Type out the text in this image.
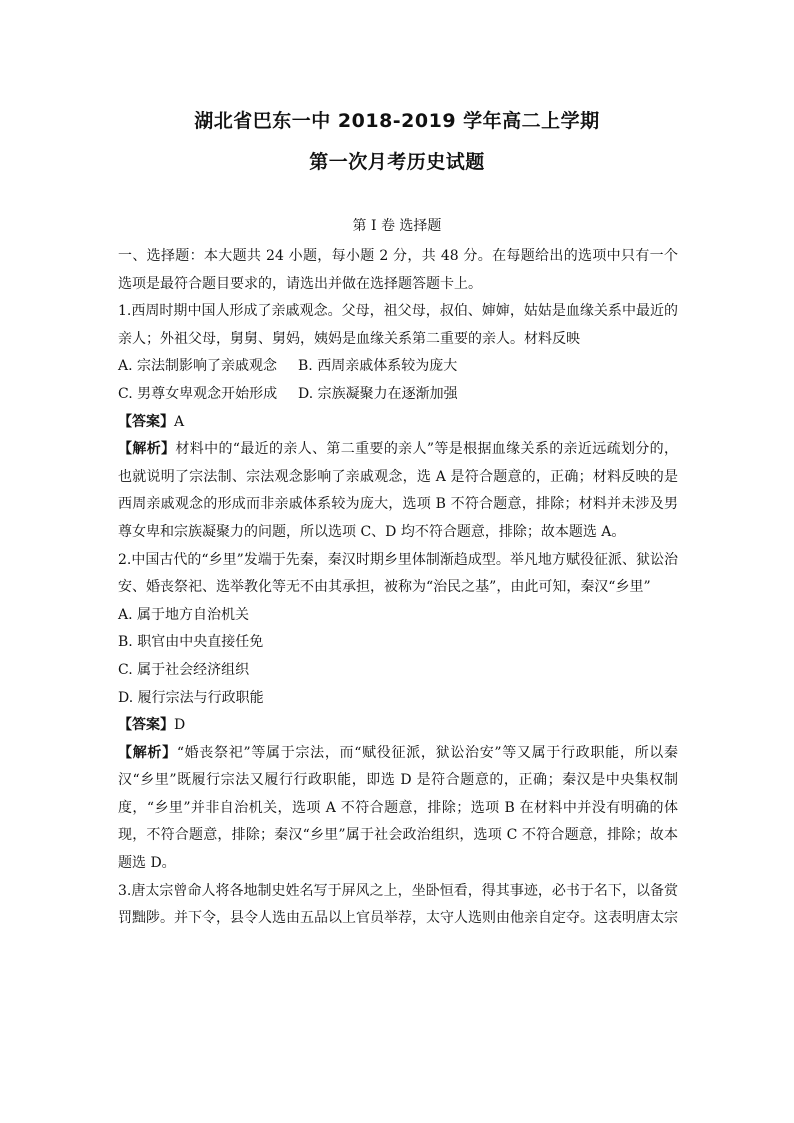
湖北省巴东一中 2018-2019 学年高二上学期
第一次月考历史试题
第 I 卷 选择题

一、选择题：本大题共 24 小题，每小题 2 分，共 48 分。在每题给出的选项中只有一个选项是最符合题目要求的，请选出并做在选择题答题卡上。

1.西周时期中国人形成了亲戚观念。父母，祖父母，叔伯、婶婶，姑姑是血缘关系中最近的亲人；外祖父母，舅舅、舅妈，姨妈是血缘关系第二重要的亲人。材料反映

A. 宗法制影响了亲戚观念	B. 西周亲戚体系较为庞大

C. 男尊女卑观念开始形成	D. 宗族凝聚力在逐渐加强

【答案】A

【解析】材料中的“最近的亲人、第二重要的亲人”等是根据血缘关系的亲近远疏划分的，也就说明了宗法制、宗法观念影响了亲戚观念，选 A 是符合题意的，正确；材料反映的是西周亲戚观念的形成而非亲戚体系较为庞大，选项 B 不符合题意，排除；材料并未涉及男尊女卑和宗族凝聚力的问题，所以选项 C、D 均不符合题意，排除；故本题选 A。

2.中国古代的“乡里”发端于先秦，秦汉时期乡里体制渐趋成型。举凡地方赋役征派、狱讼治安、婚丧祭祀、选举教化等无不由其承担，被称为“治民之基”，由此可知，秦汉“乡里”

A. 属于地方自治机关

B. 职官由中央直接任免

C. 属于社会经济组织

D. 履行宗法与行政职能

【答案】D

【解析】“婚丧祭祀”等属于宗法，而“赋役征派，狱讼治安”等又属于行政职能，所以秦汉“乡里”既履行宗法又履行行政职能，即选 D 是符合题意的，正确；秦汉是中央集权制度，“乡里”并非自治机关，选项 A 不符合题意，排除；选项 B 在材料中并没有明确的体现，不符合题意，排除；秦汉“乡里”属于社会政治组织，选项 C 不符合题意，排除；故本题选 D。

3.唐太宗曾命人将各地制史姓名写于屏风之上，坐卧恒看，得其事迹，必书于名下，以备赏罚黜陟。并下令，县令人选由五品以上官员举荐，太守人选则由他亲自定夺。这表明唐太宗
